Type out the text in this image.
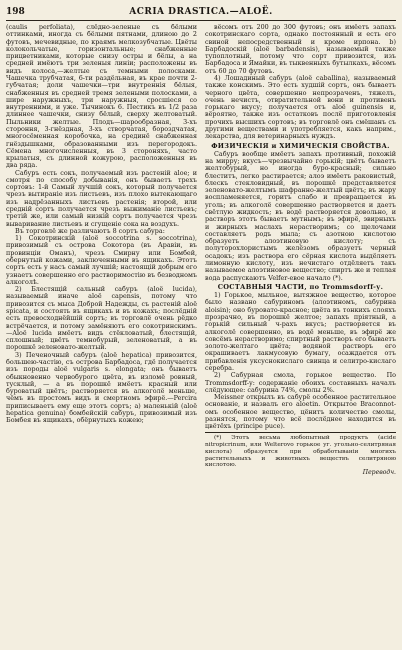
198	ACRIA DRASTICA.—ALOË.

(caulis perfoliata), слёдно-зеленые съ бёлыми оттинками, иногда съ бёлыми пятнами, длиною до 2 футовъ, мечевидные, по краямъ мелкозубчатые. Цвёты колокольчатые, горизонтальные; снабженные прицветниками, которые снизу остры и бёлы, а на средней имёютъ три зеленыя линіи; расположены въ видъ колоса,—желтые съ темными полосками. Чашечка трубчатая, 6-ти раздёльная, въ крае почти 2-губчатая; доли чашечки—три внутреннія бёлыя, снабженныя въ средней тремя зелеными полосками, а шире наружныхъ, три наружныя, сросшіеся со внутренними, и уже. Тычинокъ 6. Пестикъ въ 1/2 раза длиннее чашечки, снизу бёлый, сверху желтоватый. Пыльники желтые. Плодъ—шарообразная, 3-хъ стороння, 3-гнёздная, 3-хъ створчатая, бороздчатая, многосёменная коробочка, на срединё снабженная гнёздышками, образованными изъ перегородокъ. Сёмена многочисленныя, въ 3 стороняхъ, часто крылатыя, съ длинной кожурою, расположенныя въ два ряда.

Сабуръ есть сокъ, получаемый изъ растеній aloe; и смотря по способу добыванія, онъ бываетъ трехъ сортовъ: 1-й Самый лучшій сокъ, который получается чрезъ вытираніе изъ листьевъ, изъ плохо вытекающаго изъ надрёзанныхъ листьевъ растенія; второй, или средній сортъ получается чрезъ выжиманіе листьевъ; третій же, или самый низкій сортъ получается чрезъ вываривание листьевъ и сгущеніе сока на воздухъ.

Въ торговлё же различаютъ 8 сортъ сабура:

1) Сокотринскій (aloë soccotrina s. soccotrina), привозимый съ острова Сокотора (въ Аравіи, въ провинціи Оманъ), чрезъ Смирну или Бомбей, обернутый кожами, заключенными въ ящикахъ. Этотъ сортъ есть у насъ самый лучшій; настоящій добрым его узнаетъ совершенно его растворимостію въ безводномъ алкоголѣ.

2) Блестящій сальный сабуръ (aloë lucida), называемый иначе aloë capensis, потому что привозится съ мыса Доброй Надежды, съ растеній aloë spicata, и состоять въ ящикахъ и въ кожахъ; послёдній есть превосходнёйшій сортъ; въ торговлё очень рёдко встрёчается, и потому замёняютъ его сокотринскимъ.—Aloë lucida имёетъ видъ стёкловатый, блестящій, сплошный; цвётъ темнобурый, зеленоватый, а въ порошкё зеленовато-желтый.

3) Печеночный сабуръ (aloë hepatica) привозится, большею-частію, съ острова Барбадоса, гдё получается изъ породы aloë vulgaris s. elongata; онъ бываетъ обыкновенно червобурого цвёта, въ изломё ровный, тусклый, — а въ порошкё имёетъ красный или буроватый цвётъ; растворяется въ алкоголё меньше, чёмъ въ простомъ видъ и смертномъ эфирё.—Percira приписываетъ ему еще этотъ сортъ; а) маленькій (aloë hepatica genuina) бомбейскій сабуръ, привозимый изъ Бомбея въ ящикахъ, обёрнутыхъ кожею;

вёсомъ отъ 200 до 300 футовъ; онъ имёетъ запахъ сокотринскаго сорта, однако постоянный и есть его свиной непосредственный и кроме ирпона. b) Барбадоскій (aloë barbadensis), называемый также тупоплотный, потому что сорт привозится, изъ Барбадоса и Ямайки, въ тыквенныхъ бутылкахъ, вёсомъ отъ 60 до 70 футовъ.

4) Лошадиный сабуръ (aloë caballina), называемый также конскимъ. Это есть худшій сортъ, онъ бываетъ черного цвёта, совершенно непрозраченъ, тяжелъ, очень нечистъ, отвратительной вони и противенъ горькаго вкусу; получается отъ aloë guinensis и, вёроятно, также изъ остатковъ послё приготовленія прочихъ высшихъ сортовъ; въ торговлё онъ смёшанъ съ другими веществами и употребляется, какъ наприм., лекарства, для ветеринарныхъ нуждъ.

ФИЗИЧЕСКІЯ и ХИМИЧЕСКІЯ СВОЙСТВА.

Сабуръ вообще имёетъ запахъ противный, похожій на мирру; вкусъ—чрезвычайно горькій; цвётъ бываетъ желтобурый, но иногда буро-красный; сильно блеститъ, легко растирается; алоэ имёетъ раковистый, блескъ стекловидный, въ порошкё представляется зеленовато-желтымъ шафранно-желтый цвётъ; въ жару воспламеняется, горитъ слабо и превращается въ уголь; въ алкоголё совершенно растворяется и даетъ свётлую жидкость; въ водё растворяется довольно, и растворъ этотъ бываетъ мутнымъ; въ эфирё, эвирныхъ и жирныхъ маслахъ нерастворимъ; со щелочами составляетъ родъ мыла; съ азотною кислотою образуетъ алоэтиновую кислоту; съ полуторохлористымъ желёзомъ образуетъ черный осадокъ; изъ раствора его сёрная кислота выдёляетъ лимонную кислоту, изъ нечистаго отдёляетъ такъ называемое алоэтиновое вещество; спиртъ же и теплая вода распускаютъ Velfer-евое начало (*).

СОСТАВНЫЯ ЧАСТИ, по Trommsdorff-у.

1) Горькое, мыльное, вытяжное вещество, которое было названо сабуриномъ (алоэтиномъ, сабурина aloisin); оно буровато-красное; цвёта въ тонкихъ слояхъ прозрачно, въ порошкё желтое; запахъ пріятный, а горькій сильный ч-рахъ вкусъ; растворяется въ алкоголё совершенно, въ водё меньше, въ эфирё же совсёмъ нерастворимо; спиртный растворъ его бываетъ золото-желтаго цвёта; водяной растворъ его окрашиваетъ лакмусовую бумагу, осаждается отъ прибавленія уксуснокислаго свинца и селитро-кислаго серебра.

2) Сабурная смола, горькое вещество. По Trommsdorff-у: содержаніе обоихъ составныхъ началъ слёдующее: сабурина 74%, смолы 2%.

Meissner открылъ въ сабурё особенное растительное основаніе, и назвалъ его aloetin. Открытое Braconnot-омъ особенное вещество, цёнитъ количество смолы, разнятся, потому что всё послёднее находится въ цвётёхъ (principe puce).

(*) Этотъ весьма любопытный продуктъ (acide nitropicrinum, или Welterovo горькое уг. угольно-селитряная кислота) образуется при обработываніи многихъ растительныхъ и животныхъ веществъ селитряною кислотою.

Переводч.
